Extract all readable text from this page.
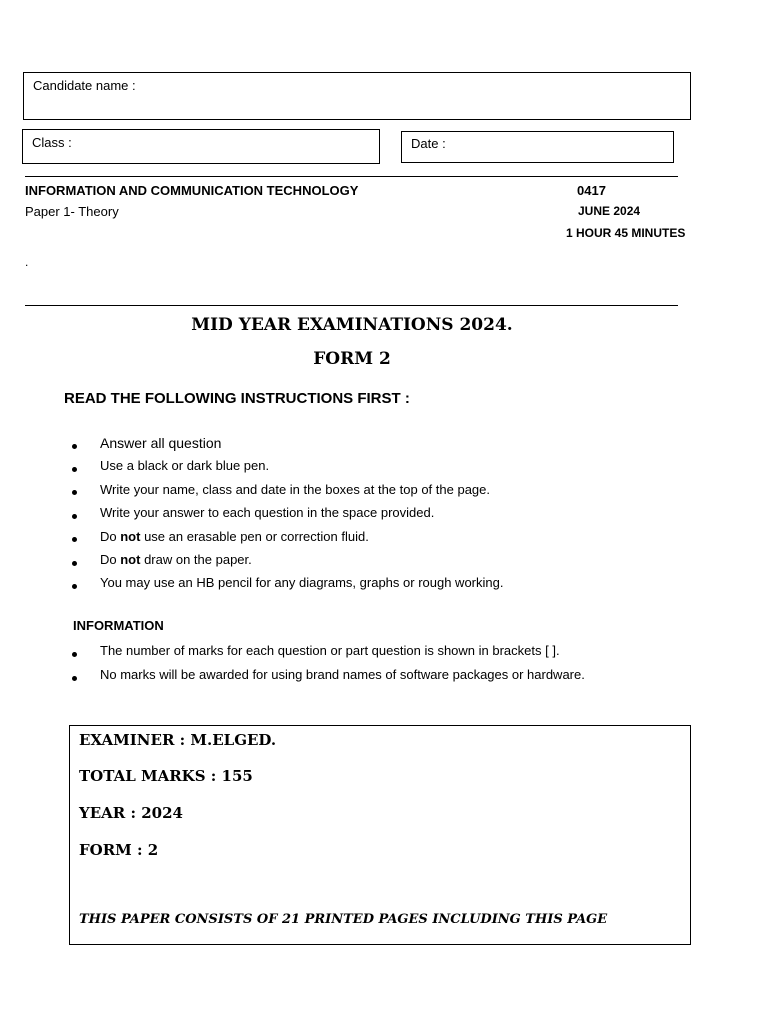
Candidate name :
Class :	Date :
INFORMATION AND COMMUNICATION TECHNOLOGY	0417
Paper 1- Theory	JUNE 2024
1 HOUR 45 MINUTES
.
MID YEAR EXAMINATIONS 2024.
FORM 2
READ THE FOLLOWING INSTRUCTIONS FIRST :
Answer all question
Use a black or dark blue pen.
Write your name, class and date in the boxes at the top of the page.
Write your answer to each question in the space provided.
Do not use an erasable pen or correction fluid.
Do not draw on the paper.
You may use an HB pencil for any diagrams, graphs or rough working.
INFORMATION
The number of marks for each question or part question is shown in brackets [ ].
No marks will be awarded for using brand names of software packages or hardware.
EXAMINER : M.ELGED.
TOTAL MARKS : 155
YEAR : 2024
FORM : 2
THIS PAPER CONSISTS OF 21 PRINTED PAGES INCLUDING THIS PAGE
